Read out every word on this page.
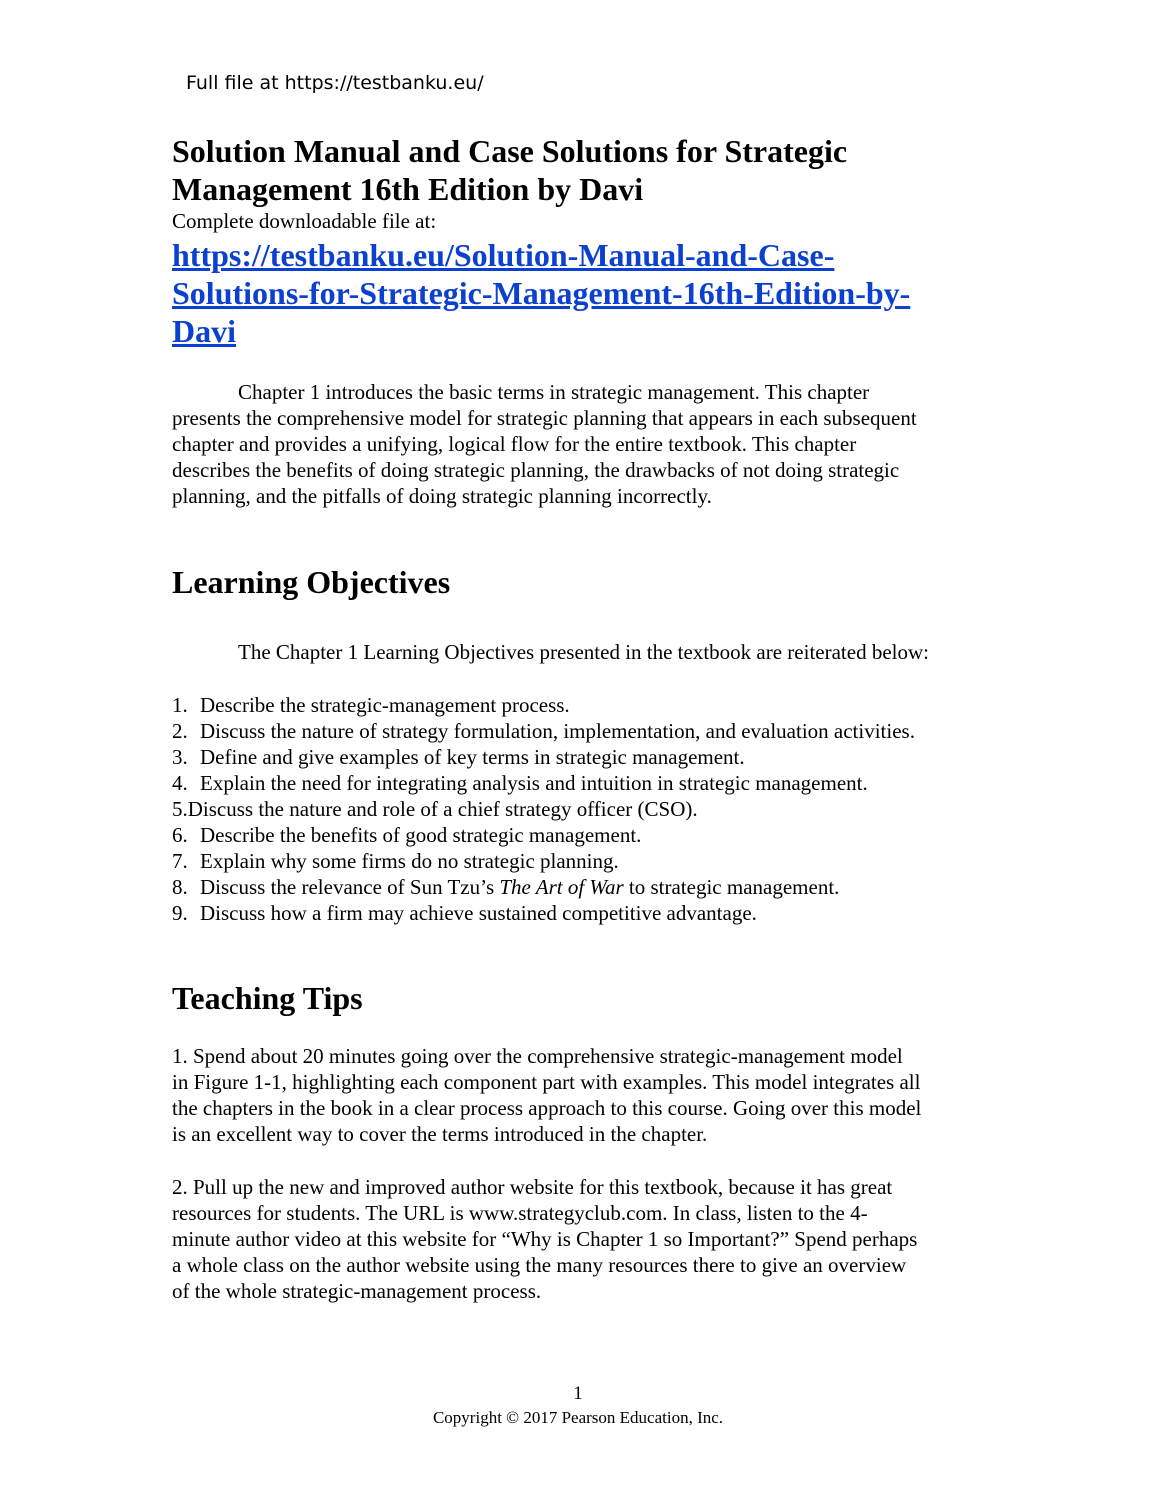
Full file at https://testbanku.eu/
Solution Manual and Case Solutions for Strategic
Management 16th Edition by Davi
Complete downloadable file at:
https://testbanku.eu/Solution-Manual-and-Case-
Solutions-for-Strategic-Management-16th-Edition-by-
Davi

Chapter 1 introduces the basic terms in strategic management. This chapter
presents the comprehensive model for strategic planning that appears in each subsequent
chapter and provides a unifying, logical flow for the entire textbook. This chapter
describes the benefits of doing strategic planning, the drawbacks of not doing strategic
planning, and the pitfalls of doing strategic planning incorrectly.

Learning Objectives

The Chapter 1 Learning Objectives presented in the textbook are reiterated below:

1. Describe the strategic-management process.
2. Discuss the nature of strategy formulation, implementation, and evaluation activities.
3. Define and give examples of key terms in strategic management.
4. Explain the need for integrating analysis and intuition in strategic management.
5.Discuss the nature and role of a chief strategy officer (CSO).
6. Describe the benefits of good strategic management.
7. Explain why some firms do no strategic planning.
8. Discuss the relevance of Sun Tzu’s The Art of War to strategic management.
9. Discuss how a firm may achieve sustained competitive advantage.
Teaching Tips

1. Spend about 20 minutes going over the comprehensive strategic-management model
in Figure 1-1, highlighting each component part with examples. This model integrates all
the chapters in the book in a clear process approach to this course. Going over this model
is an excellent way to cover the terms introduced in the chapter.

2. Pull up the new and improved author website for this textbook, because it has great
resources for students. The URL is www.strategyclub.com. In class, listen to the 4-
minute author video at this website for “Why is Chapter 1 so Important?” Spend perhaps
a whole class on the author website using the many resources there to give an overview
of the whole strategic-management process.

1
Copyright © 2017 Pearson Education, Inc.
